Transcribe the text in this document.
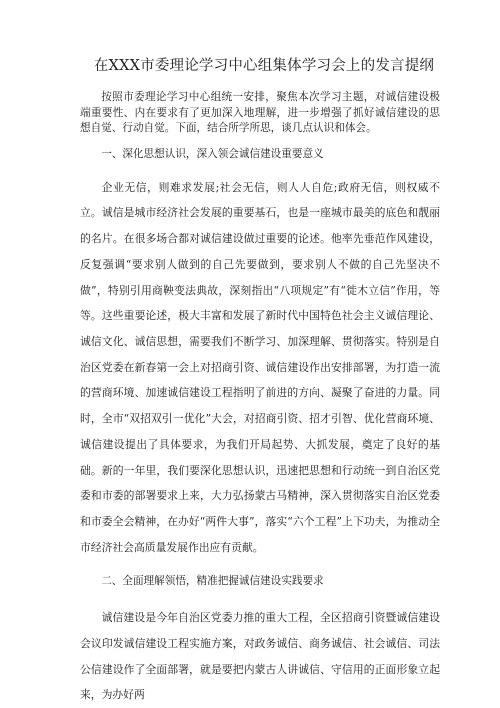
在XXX市委理论学习中心组集体学习会上的发言提纲

按照市委理论学习中心组统一安排，聚焦本次学习主题，对诚信建设极端重要性、内在要求有了更加深入地理解，进一步增强了抓好诚信建设的思想自觉、行动自觉。下面，结合所学所思，谈几点认识和体会。

一、深化思想认识，深入领会诚信建设重要意义

企业无信，则难求发展;社会无信，则人人自危;政府无信，则权威不立。诚信是城市经济社会发展的重要基石，也是一座城市最美的底色和靓丽的名片。在很多场合都对诚信建设做过重要的论述。他率先垂范作风建设，反复强调“要求别人做到的自己先要做到，要求别人不做的自己先坚决不做”，特别引用商鞅变法典故，深刻指出“八项规定”有“徙木立信”作用，等等。这些重要论述，极大丰富和发展了新时代中国特色社会主义诚信理论、诚信文化、诚信思想，需要我们不断学习、加深理解、贯彻落实。特别是自治区党委在新春第一会上对招商引资、诚信建设作出安排部署，为打造一流的营商环境、加速诚信建设工程指明了前进的方向、凝聚了奋进的力量。同时，全市“双招双引一优化”大会，对招商引资、招才引智、优化营商环境、诚信建设提出了具体要求，为我们开局起势、大抓发展，奠定了良好的基础。新的一年里，我们要深化思想认识，迅速把思想和行动统一到自治区党委和市委的部署要求上来，大力弘扬蒙古马精神，深入贯彻落实自治区党委和市委全会精神，在办好“两件大事”，落实“六个工程”上下功夫，为推动全市经济社会高质量发展作出应有贡献。

二、全面理解领悟，精准把握诚信建设实践要求

诚信建设是今年自治区党委力推的重大工程，全区招商引资暨诚信建设会议印发诚信建设工程实施方案，对政务诚信、商务诚信、社会诚信、司法公信建设作了全面部署，就是要把内蒙古人讲诚信、守信用的正面形象立起来，为办好两
